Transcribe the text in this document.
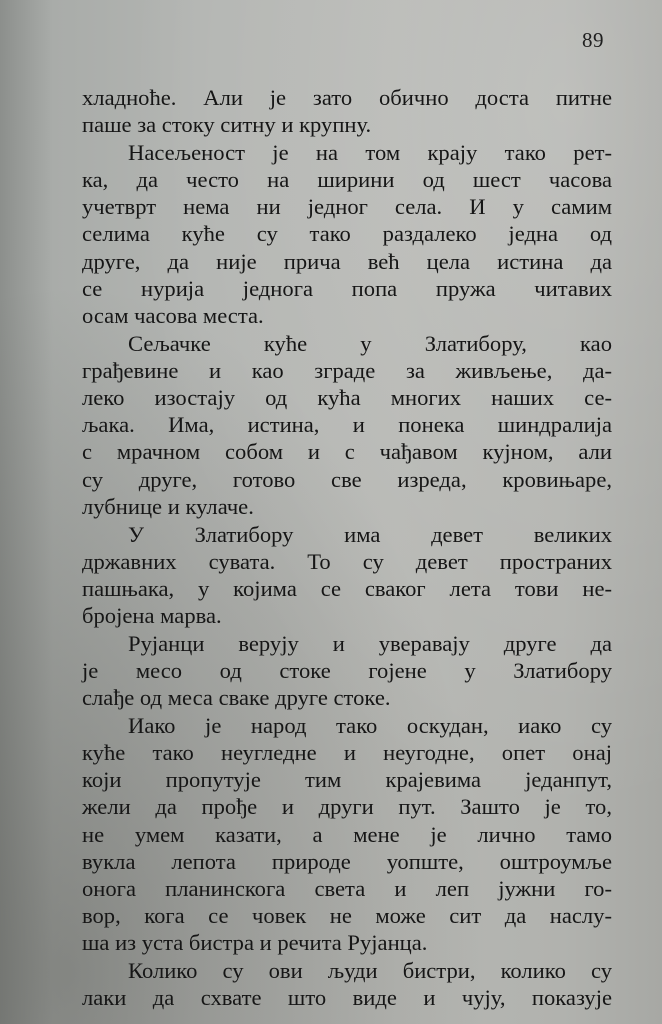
89
хладноће. Али је зато обично доста питне
паше за стоку ситну и крупну.
Насељеност је на том крају тако рет-
ка, да често на ширини од шест часова
учетврт нема ни једног села. И у самим
селима куће су тако раздалеко једна од
друге, да није прича већ цела истина да
се нурија једнога попа пружа читавих
осам часова места.
Сељачке куће у Златибору, као
грађевине и као зграде за живљење, да-
леко изостају од кућа многих наших се-
љака. Има, истина, и понека шиндралија
с мрачном собом и с чађавом кујном, али
су друге, готово све изреда, кровињаре,
лубнице и кулаче.
У Златибору има девет великих
државних сувата. То су девет пространих
пашњака, у којима се сваког лета тови не-
бројена марва.
Рујанци верују и уверавају друге да
је месо од стоке гојене у Златибору
слађе од меса сваке друге стоке.
Иако је народ тако оскудан, иако су
куће тако неугледне и неугодне, опет онај
који пропутује тим крајевима једанпут,
жели да прође и други пут. Зашто је то,
не умем казати, а мене је лично тамо
вукла лепота природе уопште, оштроумље
онога планинскога света и леп јужни го-
вор, кога се човек не може сит да наслу-
ша из уста бистра и речита Рујанца.
Колико су ови људи бистри, колико су
лаки да схвате што виде и чују, показује
